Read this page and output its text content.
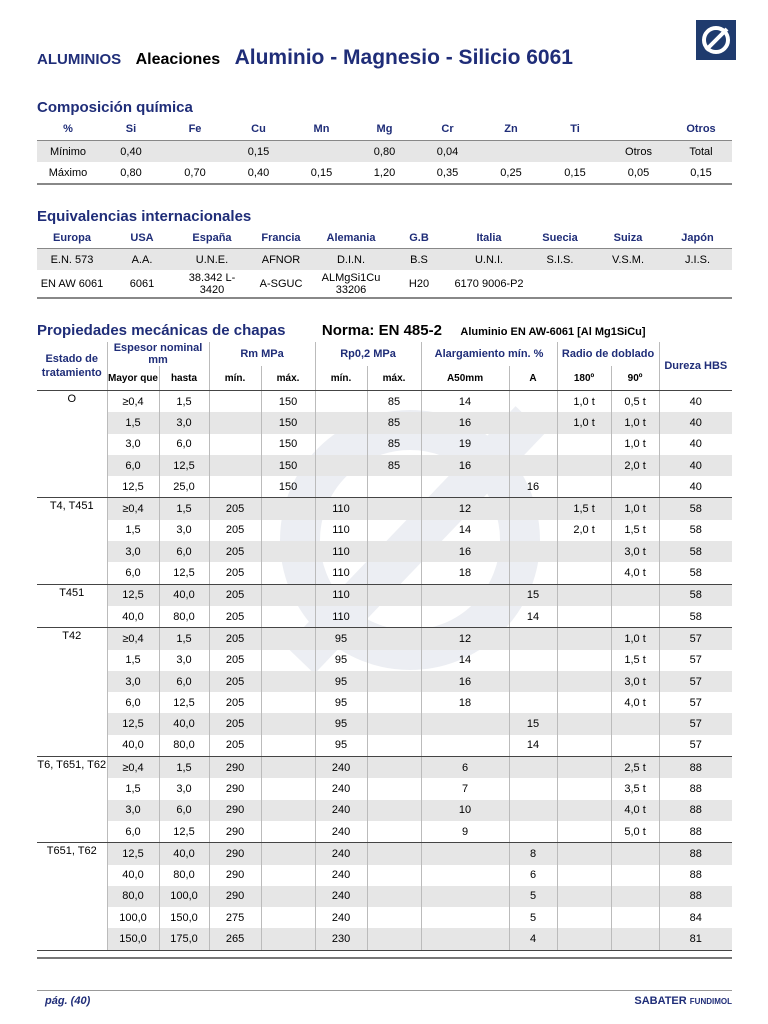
ALUMINIOS Aleaciones Aluminio - Magnesio - Silicio 6061
Composición química
%	Si	Fe	Cu	Mn	Mg	Cr	Zn	Ti		Otros
Mínimo	0,40		0,15		0,80	0,04			Otros	Total
Máximo	0,80	0,70	0,40	0,15	1,20	0,35	0,25	0,15	0,05	0,15
Equivalencias internacionales
Europa	USA	España	Francia	Alemania	G.B	Italia	Suecia	Suiza	Japón
E.N. 573	A.A.	U.N.E.	AFNOR	D.I.N.	B.S	U.N.I.	S.I.S.	V.S.M.	J.I.S.
EN AW 6061	6061	38.342 L-3420	A-SGUC	ALMgSi1Cu 33206	H20	6170 9006-P2			
Propiedades mecánicas de chapas Norma: EN 485-2 Aluminio EN AW-6061 [Al Mg1SiCu]
Estado de tratamiento	Espesor nominal mm		Rm MPa		Rp0,2 MPa		Alargamiento mín. %		Radio de doblado		Dureza HBS
	Mayor que	hasta	mín.	máx.	mín.	máx.	A50mm	A	180º	90º	
O	≥0,4	1,5		150		85	14		1,0 t	0,5 t	40
	1,5	3,0		150		85	16		1,0 t	1,0 t	40
	3,0	6,0		150		85	19			1,0 t	40
	6,0	12,5		150		85	16			2,0 t	40
	12,5	25,0		150				16			40
T4, T451	≥0,4	1,5	205		110		12		1,5 t	1,0 t	58
	1,5	3,0	205		110		14		2,0 t	1,5 t	58
	3,0	6,0	205		110		16			3,0 t	58
	6,0	12,5	205		110		18			4,0 t	58
T451	12,5	40,0	205		110			15			58
	40,0	80,0	205		110			14			58
T42	≥0,4	1,5	205		95		12			1,0 t	57
	1,5	3,0	205		95		14			1,5 t	57
	3,0	6,0	205		95		16			3,0 t	57
	6,0	12,5	205		95		18			4,0 t	57
	12,5	40,0	205		95			15			57
	40,0	80,0	205		95			14			57
T6, T651, T62	≥0,4	1,5	290		240		6			2,5 t	88
	1,5	3,0	290		240		7			3,5 t	88
	3,0	6,0	290		240		10			4,0 t	88
	6,0	12,5	290		240		9			5,0 t	88
T651, T62	12,5	40,0	290		240			8			88
	40,0	80,0	290		240			6			88
	80,0	100,0	290		240			5			88
	100,0	150,0	275		240			5			84
	150,0	175,0	265		230			4			81
pág. (40)	SABATER FUNDIMOL
